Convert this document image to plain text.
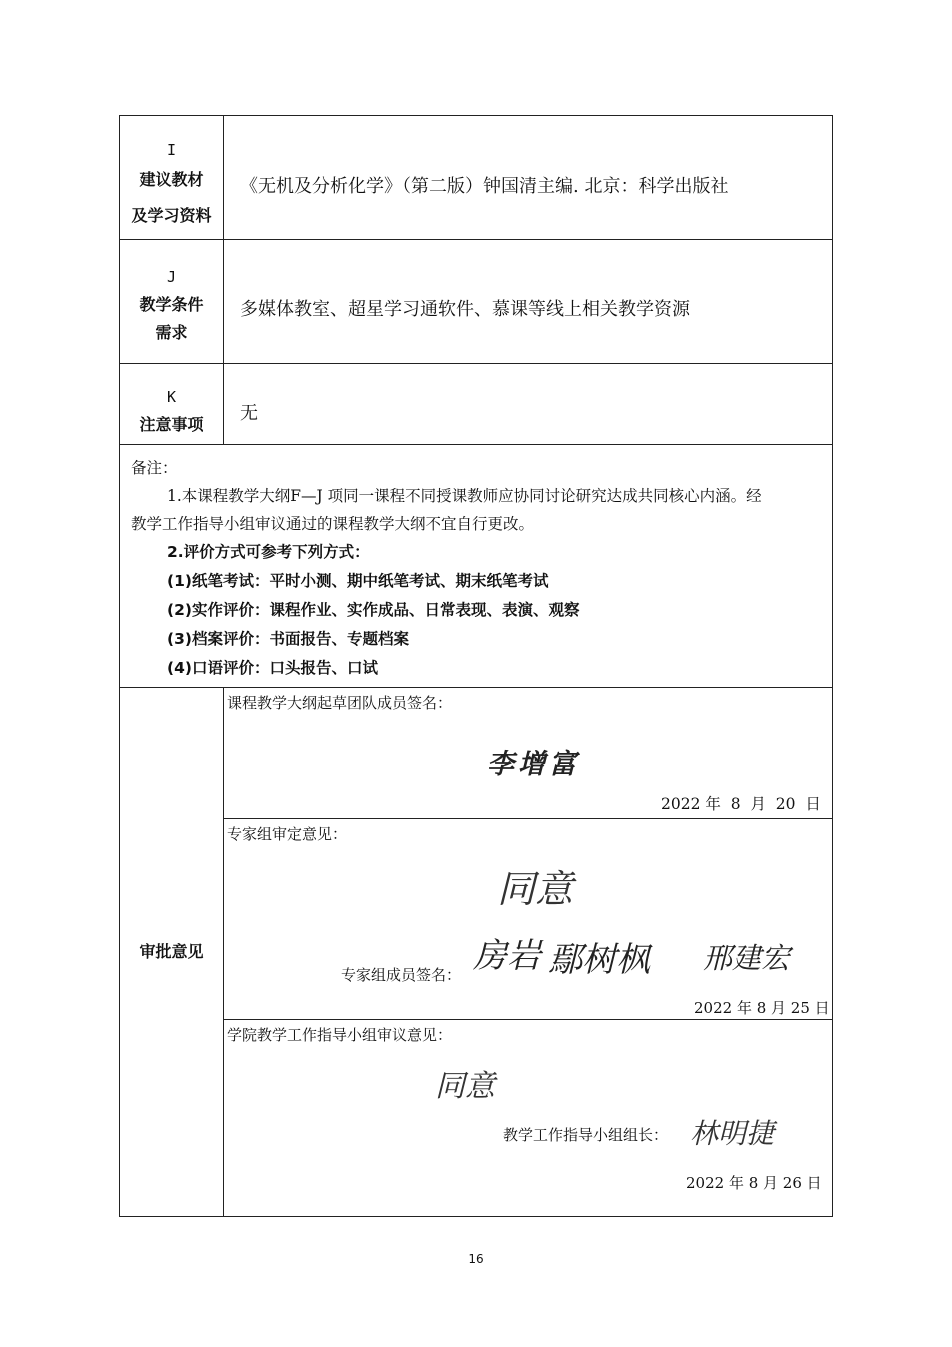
I
建议教材
及学习资料
《无机及分析化学》（第二版）钟国清主编. 北京：科学出版社
J
教学条件
需求
多媒体教室、超星学习通软件、慕课等线上相关教学资源
K
注意事项
无
备注：
1.本课程教学大纲F—J 项同一课程不同授课教师应协同讨论研究达成共同核心内涵。经
教学工作指导小组审议通过的课程教学大纲不宜自行更改。
2.评价方式可参考下列方式：
(1)纸笔考试：平时小测、期中纸笔考试、期末纸笔考试
(2)实作评价：课程作业、实作成品、日常表现、表演、观察
(3)档案评价：书面报告、专题档案
(4)口语评价：口头报告、口试
审批意见
课程教学大纲起草团队成员签名：
李增富
2022 年  8  月  20  日
专家组审定意见：
同意
专家组成员签名： 房岩 鄢树枫 邢建宏
2022 年 8 月 25 日
学院教学工作指导小组审议意见：
同意
教学工作指导小组组长： 林明捷
2022 年 8 月 26 日
16
